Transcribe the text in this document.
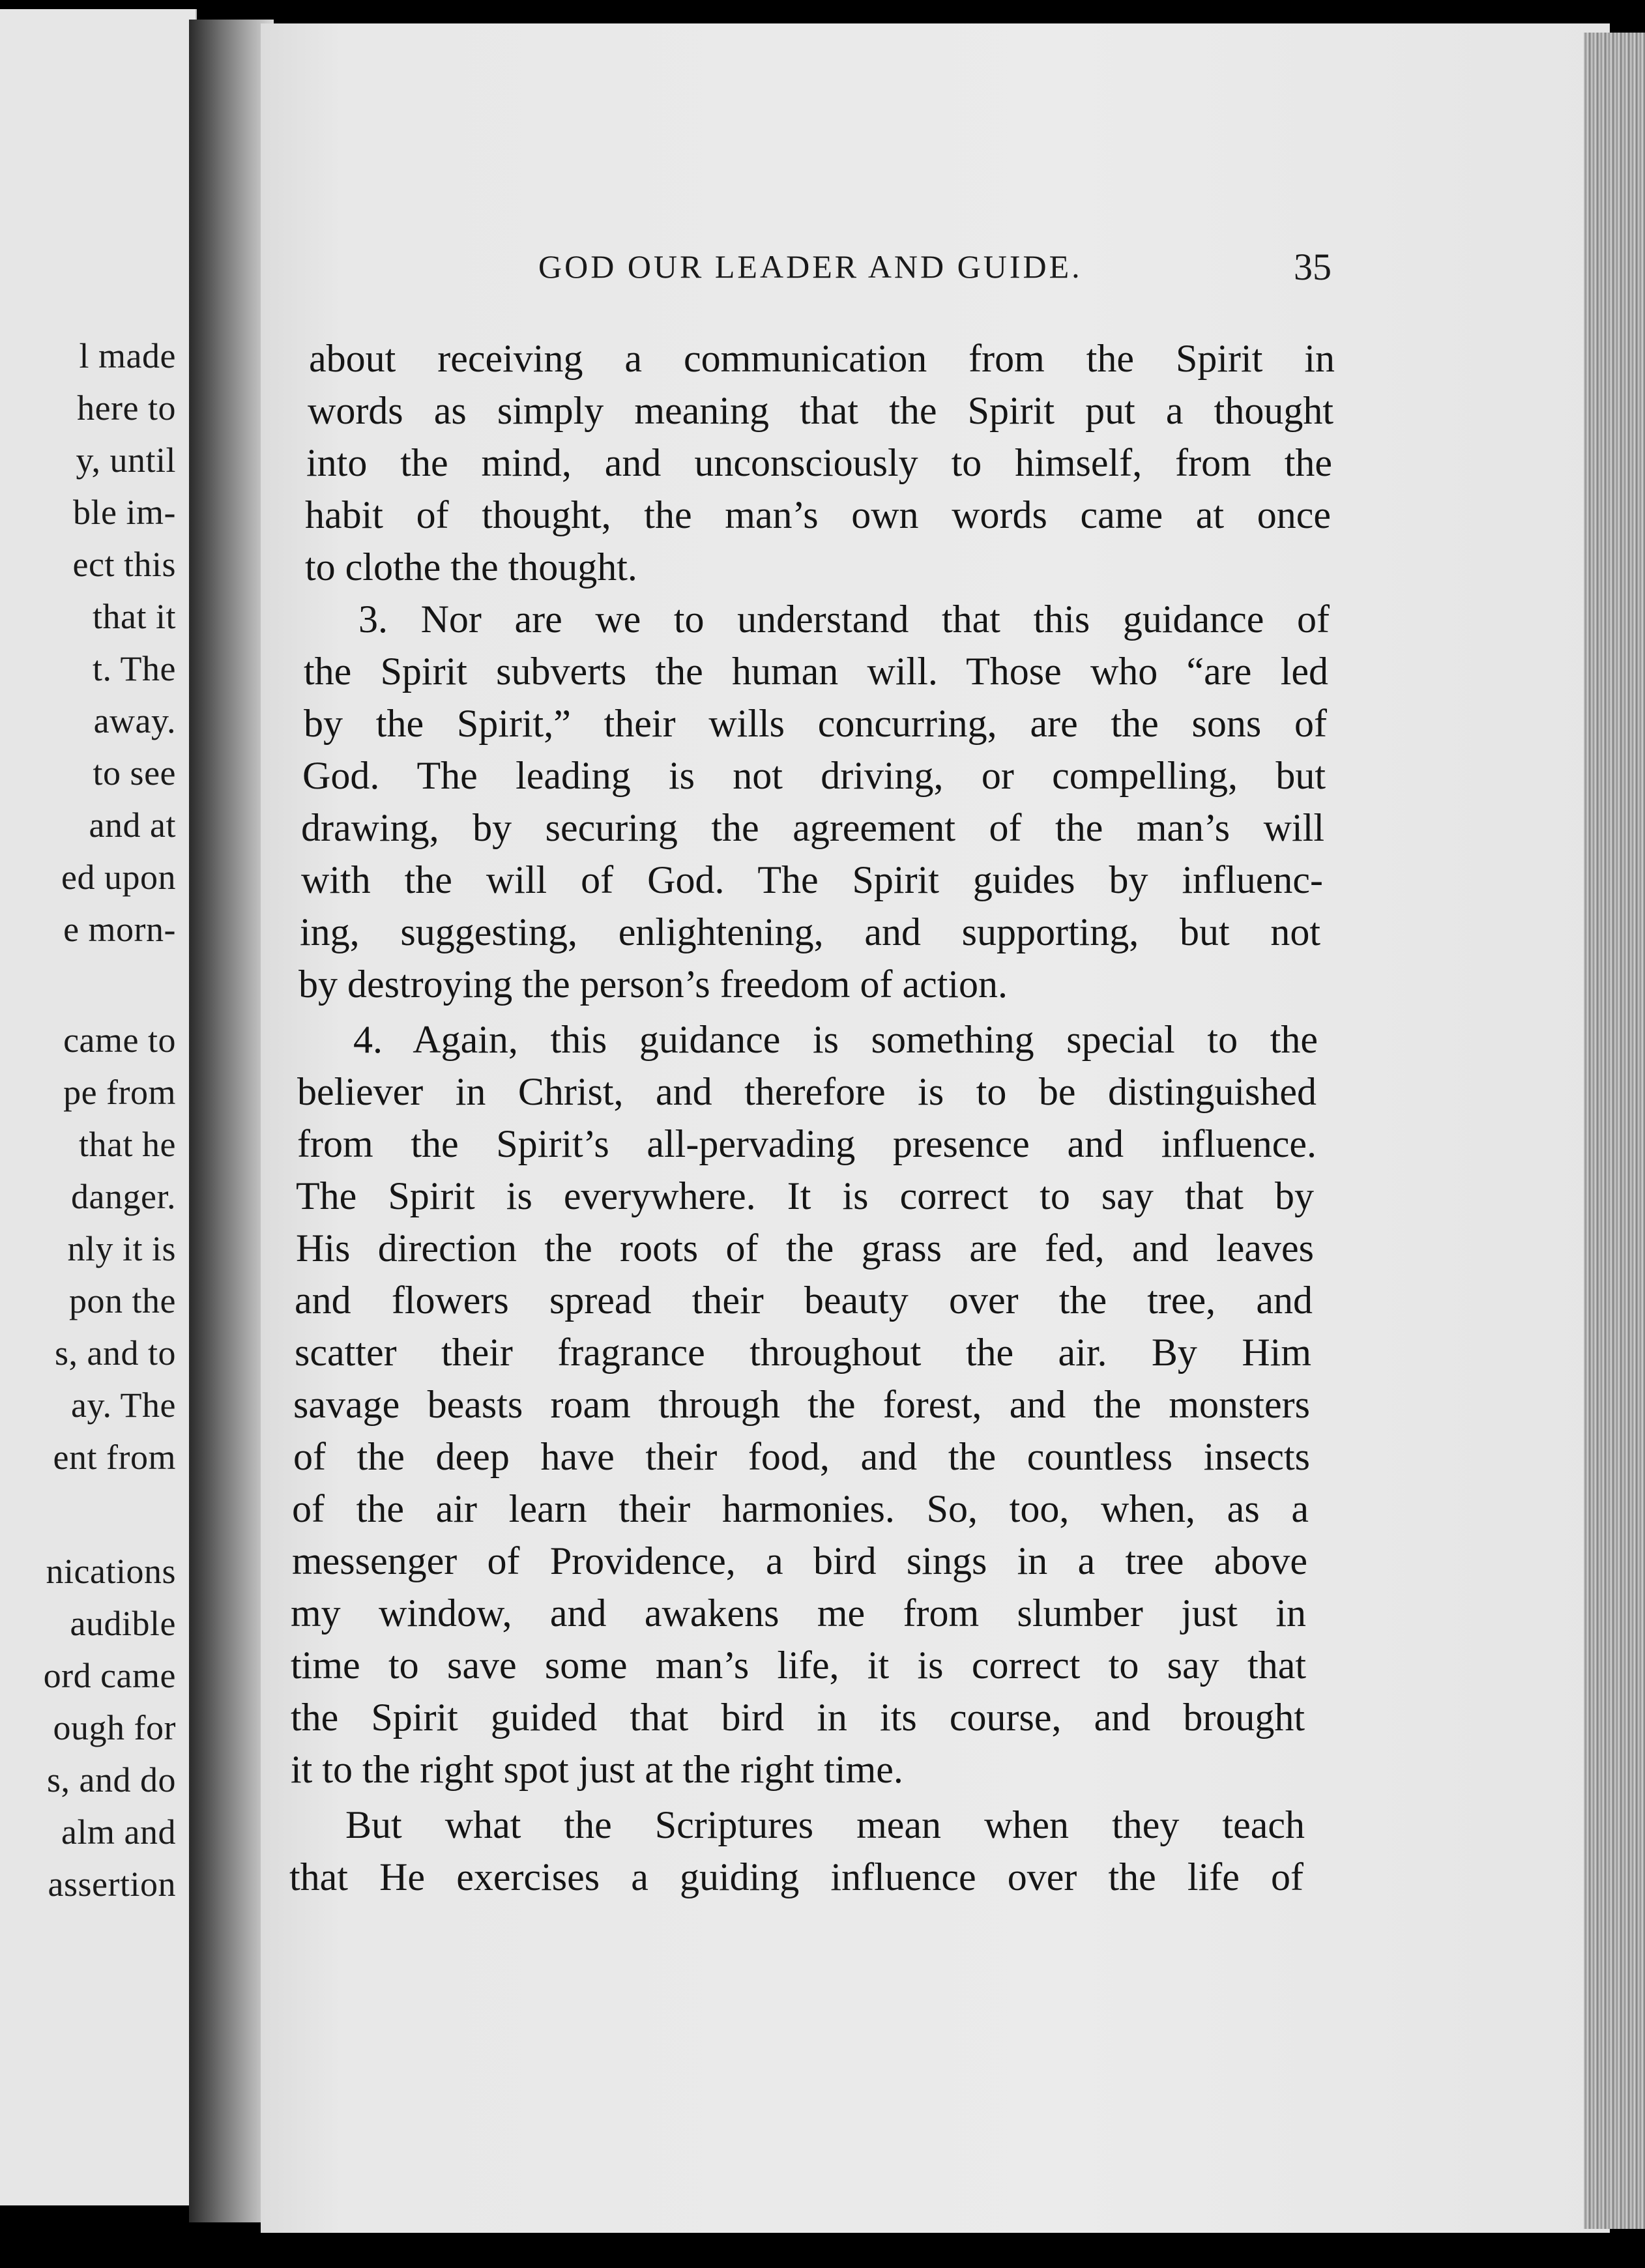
l made
here to
y, until
ble im-
ect this
that it
t. The
away.
to see
and at
ed upon
e morn-
came to
pe from
that he
danger.
nly it is
pon the
s, and to
ay. The
ent from
nications
audible
ord came
ough for
s, and do
alm and
assertion
GOD OUR LEADER AND GUIDE.	35
about receiving a communication from the Spirit in
words as simply meaning that the Spirit put a thought
into the mind, and unconsciously to himself, from the
habit of thought, the man’s own words came at once
to clothe the thought.
3. Nor are we to understand that this guidance of
the Spirit subverts the human will. Those who “are led
by the Spirit,” their wills concurring, are the sons of
God. The leading is not driving, or compelling, but
drawing, by securing the agreement of the man’s will
with the will of God. The Spirit guides by influenc-
ing, suggesting, enlightening, and supporting, but not
by destroying the person’s freedom of action.
4. Again, this guidance is something special to the
believer in Christ, and therefore is to be distinguished
from the Spirit’s all-pervading presence and influence.
The Spirit is everywhere. It is correct to say that by
His direction the roots of the grass are fed, and leaves
and flowers spread their beauty over the tree, and
scatter their fragrance throughout the air. By Him
savage beasts roam through the forest, and the monsters
of the deep have their food, and the countless insects
of the air learn their harmonies. So, too, when, as a
messenger of Providence, a bird sings in a tree above
my window, and awakens me from slumber just in
time to save some man’s life, it is correct to say that
the Spirit guided that bird in its course, and brought
it to the right spot just at the right time.
But what the Scriptures mean when they teach
that He exercises a guiding influence over the life of
